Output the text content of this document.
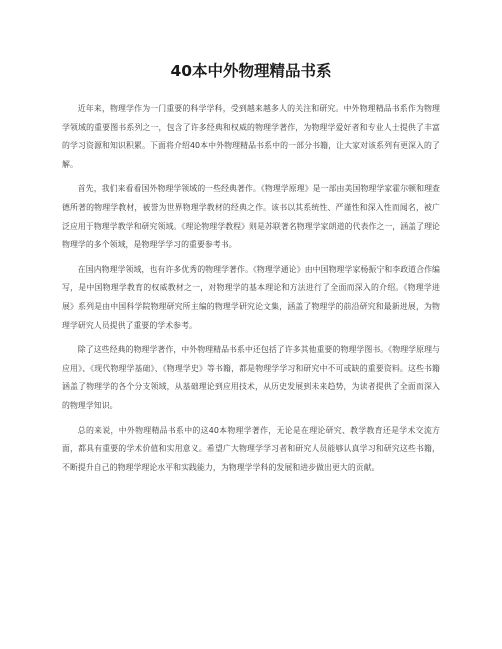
40本中外物理精品书系

近年来，物理学作为一门重要的科学学科，受到越来越多人的关注和研究。中外物理精品书系作为物理学领域的重要图书系列之一，包含了许多经典和权威的物理学著作，为物理学爱好者和专业人士提供了丰富的学习资源和知识积累。下面将介绍40本中外物理精品书系中的一部分书籍，让大家对该系列有更深入的了解。

首先，我们来看看国外物理学领域的一些经典著作。《物理学原理》是一部由美国物理学家霍尔顿和理查德所著的物理学教材，被誉为世界物理学教材的经典之作。该书以其系统性、严谨性和深入性而闻名，被广泛应用于物理学教学和研究领域。《理论物理学教程》则是苏联著名物理学家朗道的代表作之一，涵盖了理论物理学的多个领域，是物理学学习的重要参考书。

在国内物理学领域，也有许多优秀的物理学著作。《物理学通论》由中国物理学家杨振宁和李政道合作编写，是中国物理学教育的权威教材之一，对物理学的基本理论和方法进行了全面而深入的介绍。《物理学进展》系列是由中国科学院物理研究所主编的物理学研究论文集，涵盖了物理学的前沿研究和最新进展，为物理学研究人员提供了重要的学术参考。

除了这些经典的物理学著作，中外物理精品书系中还包括了许多其他重要的物理学图书。《物理学原理与应用》、《现代物理学基础》、《物理学史》等书籍，都是物理学学习和研究中不可或缺的重要资料。这些书籍涵盖了物理学的各个分支领域，从基础理论到应用技术，从历史发展到未来趋势，为读者提供了全面而深入的物理学知识。

总的来说，中外物理精品书系中的这40本物理学著作，无论是在理论研究、教学教育还是学术交流方面，都具有重要的学术价值和实用意义。希望广大物理学学习者和研究人员能够认真学习和研究这些书籍，不断提升自己的物理学理论水平和实践能力，为物理学学科的发展和进步做出更大的贡献。
